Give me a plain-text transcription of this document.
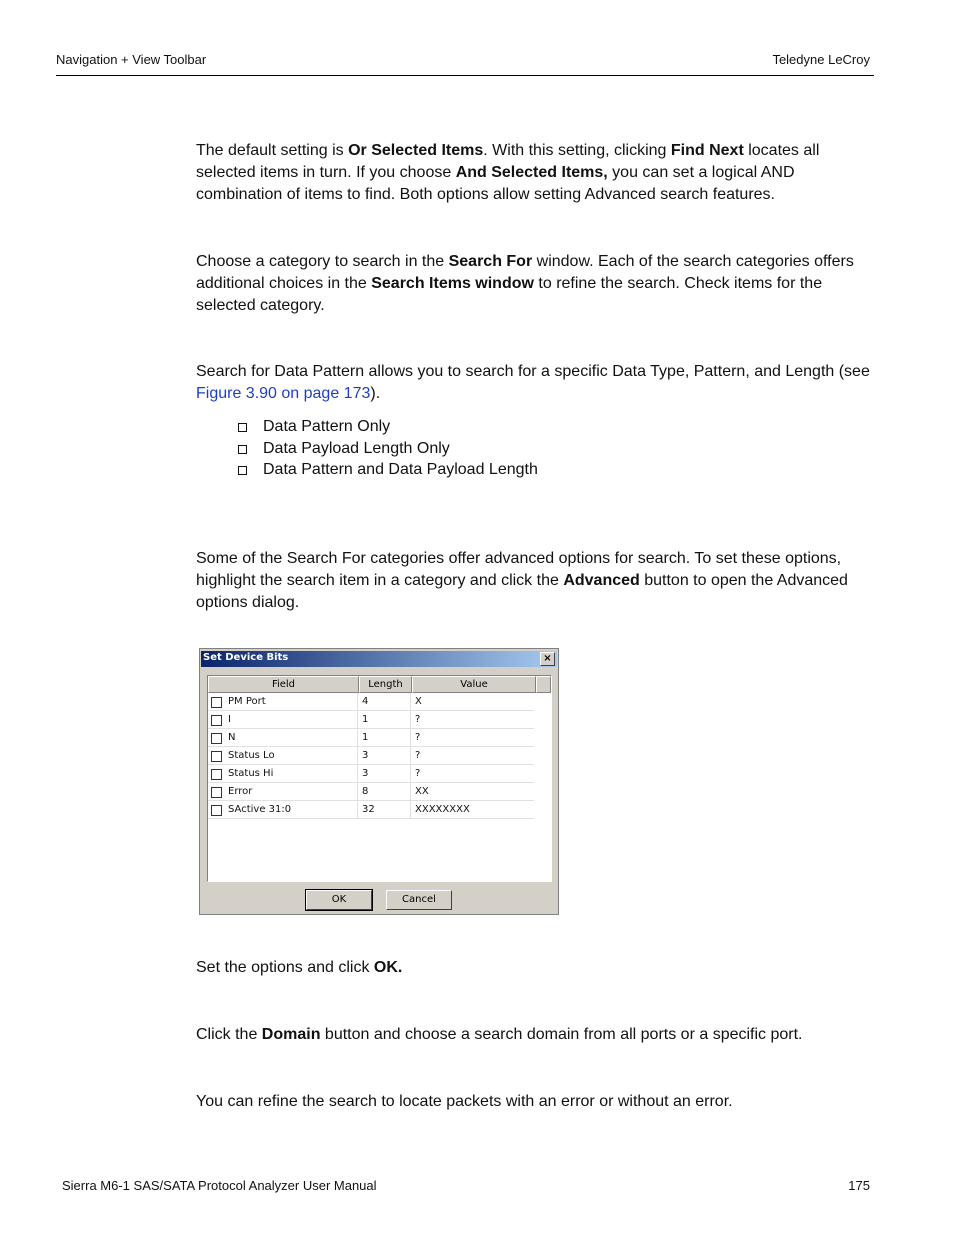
Navigation + View Toolbar	Teledyne LeCroy
The default setting is Or Selected Items. With this setting, clicking Find Next locates all selected items in turn. If you choose And Selected Items, you can set a logical AND combination of items to find. Both options allow setting Advanced search features.
Choose a category to search in the Search For window. Each of the search categories offers additional choices in the Search Items window to refine the search. Check items for the selected category.
Search for Data Pattern allows you to search for a specific Data Type, Pattern, and Length (see Figure 3.90 on page 173).
Data Pattern Only
Data Payload Length Only
Data Pattern and Data Payload Length
Some of the Search For categories offer advanced options for search. To set these options, highlight the search item in a category and click the Advanced button to open the Advanced options dialog.
Set Device Bits	×
Field	Length	Value
PM Port	4	X
I	1	?
N	1	?
Status Lo	3	?
Status Hi	3	?
Error	8	XX
SActive 31:0	32	XXXXXXXX
OK	Cancel
Set the options and click OK.
Click the Domain button and choose a search domain from all ports or a specific port.
You can refine the search to locate packets with an error or without an error.
Sierra M6-1 SAS/SATA Protocol Analyzer User Manual	175
